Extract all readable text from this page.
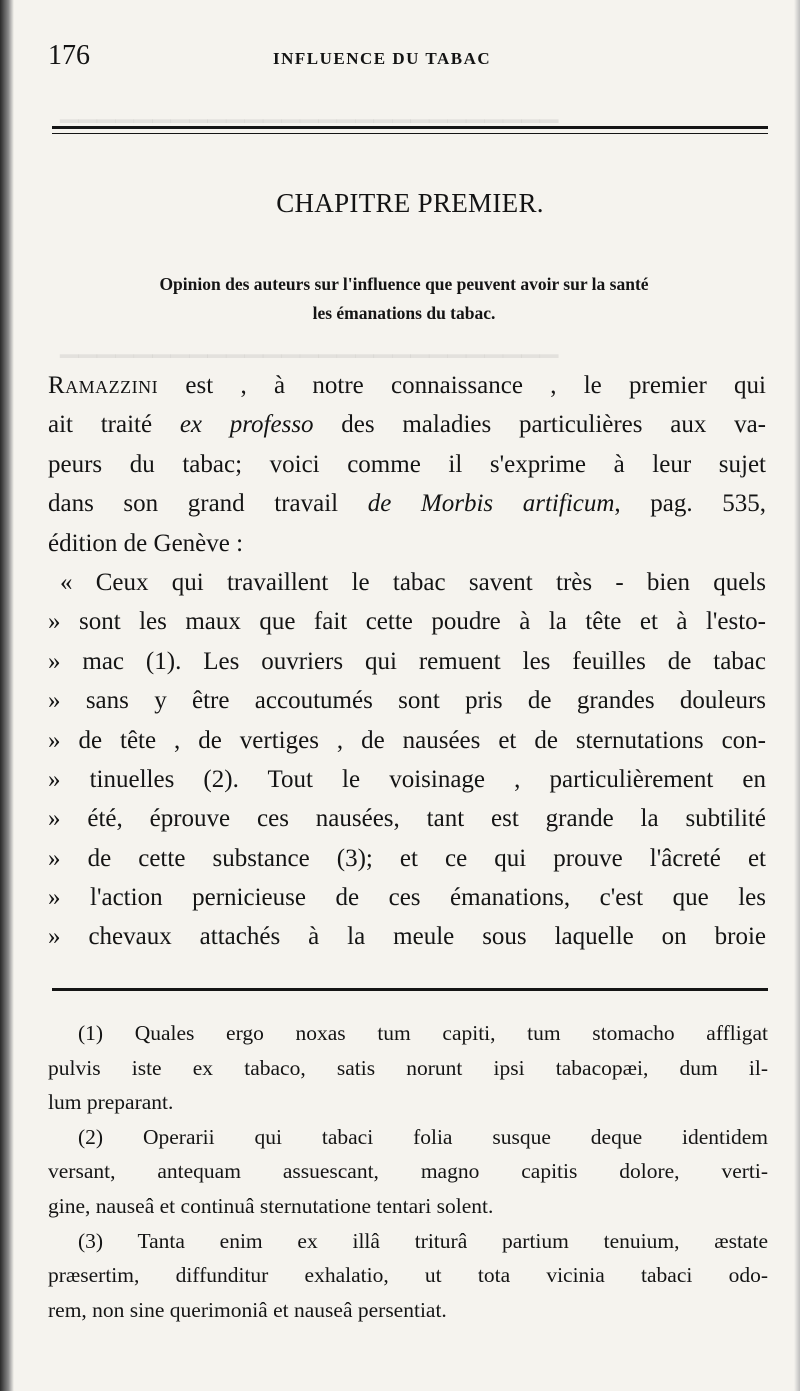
▁▁▁▁▁▁▁▁▁▁▁▁▁▁▁▁▁▁▁▁▁▁▁▁▁▁▁
▁▁▁▁▁▁▁▁▁▁▁▁▁▁▁▁▁▁▁▁▁▁▁▁▁▁▁
176	INFLUENCE DU TABAC
CHAPITRE PREMIER.
Opinion des auteurs sur l'influence que peuvent avoir sur la santé
les émanations du tabac.
Ramazzini est , à notre connaissance , le premier qui
ait traité ex professo des maladies particulières aux va-
peurs du tabac; voici comme il s'exprime à leur sujet
dans son grand travail de Morbis artificum, pag. 535,
édition de Genève :
« Ceux qui travaillent le tabac savent très - bien quels
» sont les maux que fait cette poudre à la tête et à l'esto-
» mac (1). Les ouvriers qui remuent les feuilles de tabac
» sans y être accoutumés sont pris de grandes douleurs
» de tête , de vertiges , de nausées et de sternutations con-
» tinuelles (2). Tout le voisinage , particulièrement en
» été, éprouve ces nausées, tant est grande la subtilité
» de cette substance (3); et ce qui prouve l'âcreté et
» l'action pernicieuse de ces émanations, c'est que les
» chevaux attachés à la meule sous laquelle on broie
(1) Quales ergo noxas tum capiti, tum stomacho affligat
pulvis iste ex tabaco, satis norunt ipsi tabacopæi, dum il-
lum preparant.
(2) Operarii qui tabaci folia susque deque identidem
versant, antequam assuescant, magno capitis dolore, verti-
gine, nauseâ et continuâ sternutatione tentari solent.
(3) Tanta enim ex illâ triturâ partium tenuium, æstate
præsertim, diffunditur exhalatio, ut tota vicinia tabaci odo-
rem, non sine querimoniâ et nauseâ persentiat.
